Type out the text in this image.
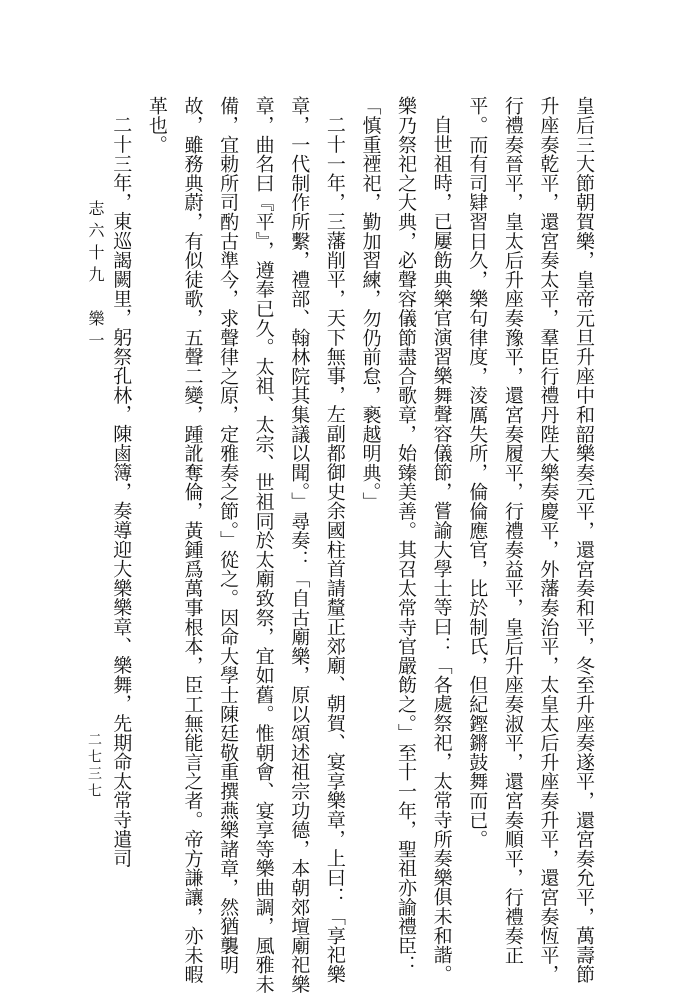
皇后三大節朝賀樂，皇帝元旦升座中和韶樂奏元平，還宮奏和平，冬至升座奏遂平，還宮奏允平，萬壽節升座奏乾平，還宮奏太平，羣臣行禮丹陛大樂奏慶平，外藩奏治平，太皇太后升座奏升平，還宮奏恆平，行禮奏晉平，皇太后升座奏豫平，還宮奏履平，行禮奏益平，皇后升座奏淑平，還宮奏順平，行禮奏正平。而有司肄習日久，樂句律度，淩厲失所，倫倫應官，比於制氏，但紀鏗鏘鼓舞而已。

自世祖時，已屢飭典樂官演習樂舞聲容儀節，嘗諭大學士等曰：「各處祭祀，太常寺所奏樂俱未和諧。樂乃祭祀之大典，必聲容儀節盡合歌章，始臻美善。其召太常寺官嚴飭之。」至十一年，聖祖亦諭禮臣：「慎重禋祀，勤加習練，勿仍前怠，褻越明典。」

二十一年，三藩削平，天下無事，左副都御史余國柱首請釐正郊廟、朝賀、宴享樂章，上曰：「享祀樂章，一代制作所繫，禮部、翰林院其集議以聞。」尋奏：「自古廟樂，原以頌述祖宗功德，本朝郊壇廟祀樂章，曲名曰『平』，遵奉已久。太祖、太宗、世祖同於太廟致祭，宜如舊。惟朝會、宴享等樂曲調，風雅未備，宜勅所司酌古準今，求聲律之原，定雅奏之節。」從之。因命大學士陳廷敬重撰燕樂諸章，然猶襲明故，雖務典蔚，有似徒歌，五聲二變，踵訛奪倫，黃鍾爲萬事根本，臣工無能言之者。帝方謙讓，亦未暇革也。

二十三年，東巡謁闕里，躬祭孔林，陳鹵簿，奏導迎大樂樂章、樂舞，先期命太常寺遣司

志六十九　樂一
二七三七
